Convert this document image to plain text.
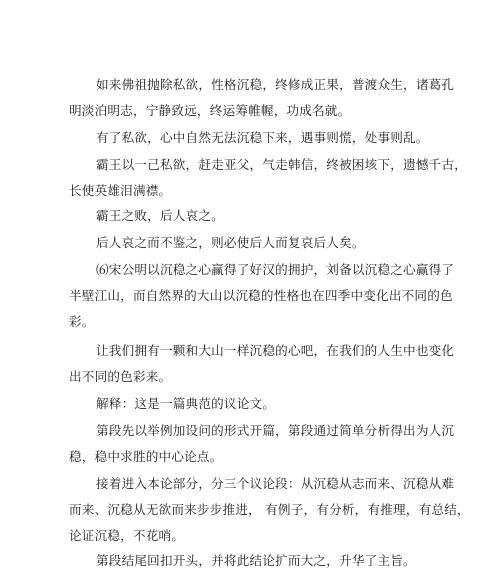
如来佛祖抛除私欲，性格沉稳，终修成正果，普渡众生，诸葛孔
明淡泊明志，宁静致远，终运筹帷幄，功成名就。

有了私欲，心中自然无法沉稳下来，遇事则慌，处事则乱。

霸王以一己私欲，赶走亚父，气走韩信，终被困垓下，遗憾千古，
长使英雄泪满襟。

霸王之败，后人哀之。

后人哀之而不鉴之，则必使后人而复哀后人矣。

⑹宋公明以沉稳之心赢得了好汉的拥护，刘备以沉稳之心赢得了
半壁江山，而自然界的大山以沉稳的性格也在四季中变化出不同的色
彩。

让我们拥有一颗和大山一样沉稳的心吧，在我们的人生中也变化
出不同的色彩来。

解释：这是一篇典范的议论文。

第段先以举例加设问的形式开篇，第段通过简单分析得出为人沉
稳，稳中求胜的中心论点。

接着进入本论部分，分三个议论段：从沉稳从志而来、沉稳从难
而来、沉稳从无欲而来步步推进， 有例子，有分析，有推理，有总结，
论证沉稳，不花哨。

第段结尾回扣开头，并将此结论扩而大之，升华了主旨。
